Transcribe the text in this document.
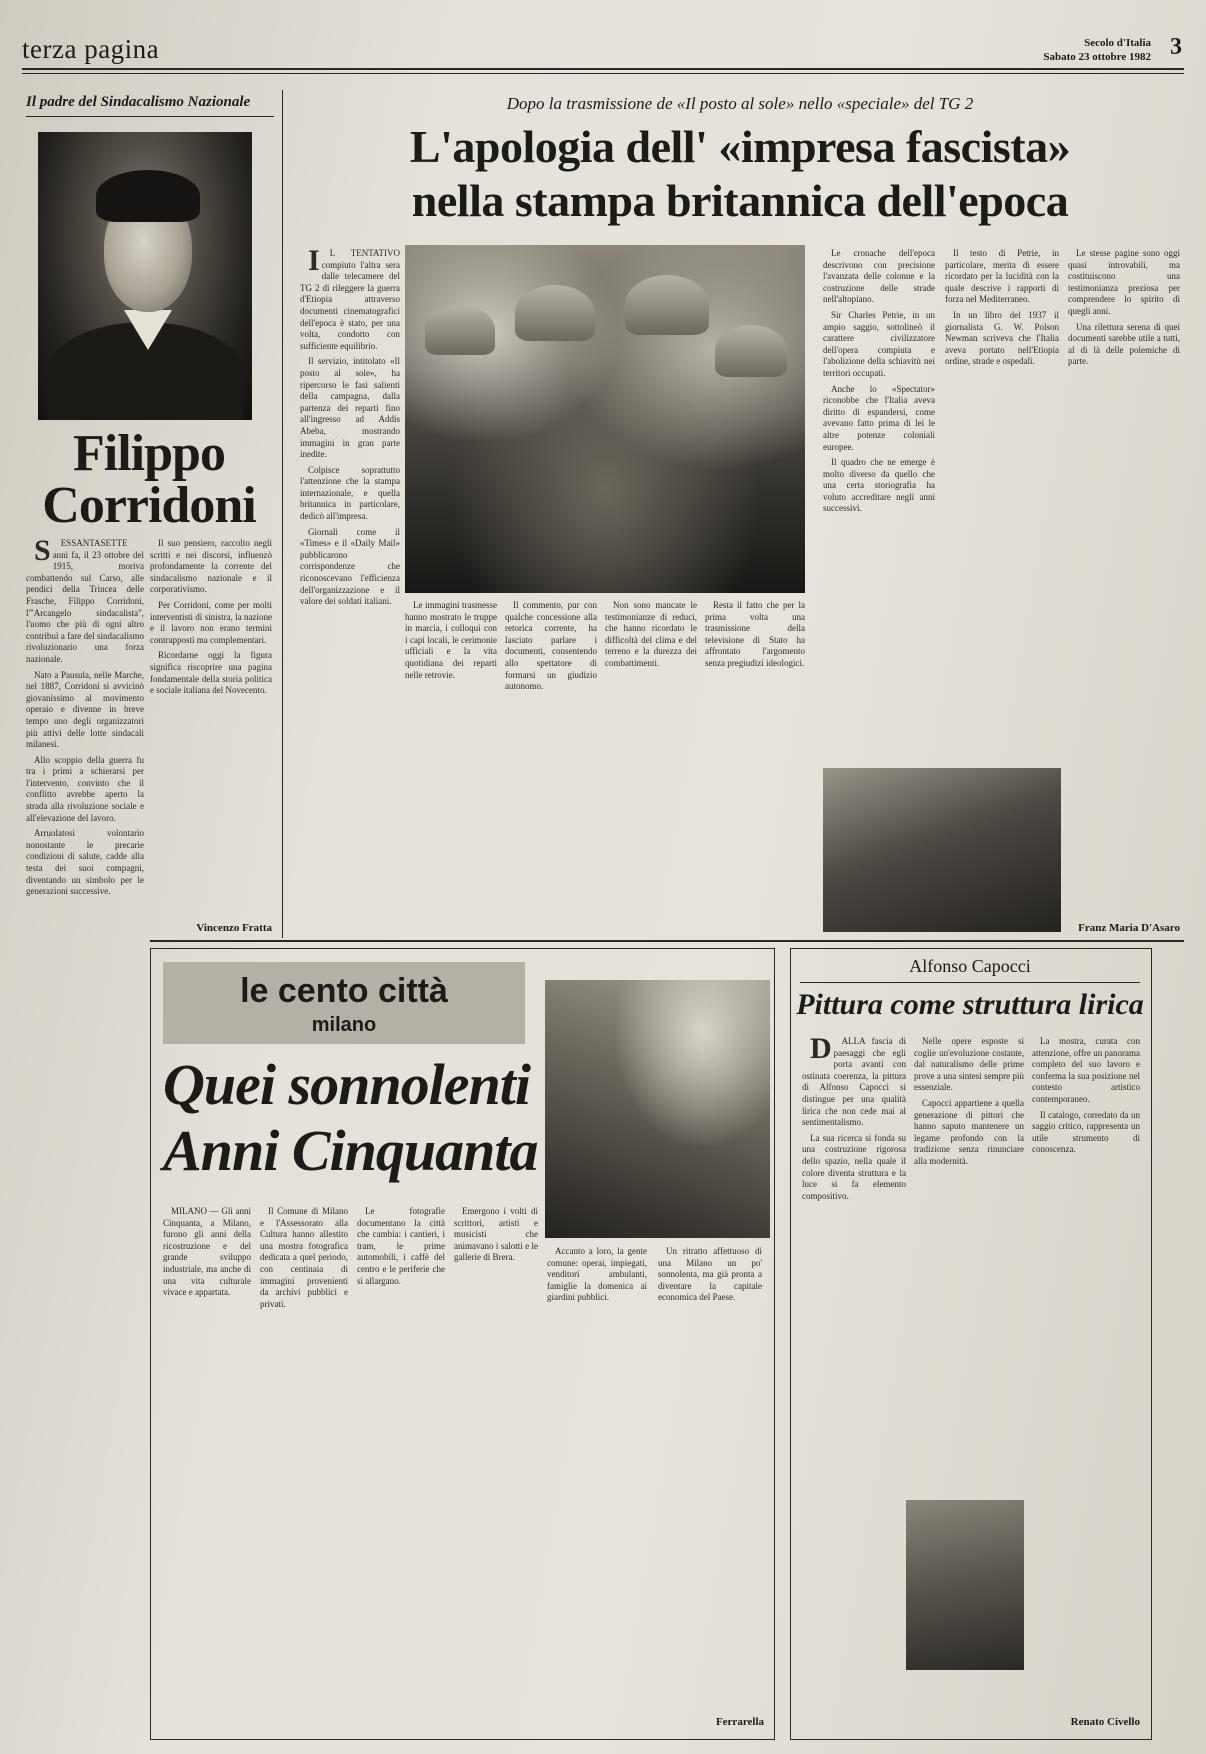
terza pagina	Secolo d'Italia
Sabato 23 ottobre 1982 3
Il padre del Sindacalismo Nazionale
Filippo
Corridoni

SESSANTASETTE anni fa, il 23 ottobre del 1915, moriva combattendo sul Carso, alle pendici della Trincea delle Frasche, Filippo Corridoni, l'"Arcangelo sindacalista", l'uomo che più di ogni altro contribuì a fare del sindacalismo rivoluzionario una forza nazionale.

Nato a Pausula, nelle Marche, nel 1887, Corridoni si avvicinò giovanissimo al movimento operaio e divenne in breve tempo uno degli organizzatori più attivi delle lotte sindacali milanesi.

Allo scoppio della guerra fu tra i primi a schierarsi per l'intervento, convinto che il conflitto avrebbe aperto la strada alla rivoluzione sociale e all'elevazione del lavoro.

Arruolatosi volontario nonostante le precarie condizioni di salute, cadde alla testa dei suoi compagni, diventando un simbolo per le generazioni successive.

Il suo pensiero, raccolto negli scritti e nei discorsi, influenzò profondamente la corrente del sindacalismo nazionale e il corporativismo.

Per Corridoni, come per molti interventisti di sinistra, la nazione e il lavoro non erano termini contrapposti ma complementari.

Ricordarne oggi la figura significa riscoprire una pagina fondamentale della storia politica e sociale italiana del Novecento.

Vincenzo Fratta
Dopo la trasmissione de «Il posto al sole» nello «speciale» del TG 2
L'apologia dell' «impresa fascista»
nella stampa britannica dell'epoca

IL TENTATIVO compiuto l'altra sera dalle telecamere del TG 2 di rileggere la guerra d'Etiopia attraverso documenti cinematografici dell'epoca è stato, per una volta, condotto con sufficiente equilibrio.

Il servizio, intitolato «Il posto al sole», ha ripercorso le fasi salienti della campagna, dalla partenza dei reparti fino all'ingresso ad Addis Abeba, mostrando immagini in gran parte inedite.

Colpisce soprattutto l'attenzione che la stampa internazionale, e quella britannica in particolare, dedicò all'impresa.

Giornali come il «Times» e il «Daily Mail» pubblicarono corrispondenze che riconoscevano l'efficienza dell'organizzazione e il valore dei soldati italiani.

Le cronache dell'epoca descrivono con precisione l'avanzata delle colonne e la costruzione delle strade nell'altopiano.

Sir Charles Petrie, in un ampio saggio, sottolineò il carattere civilizzatore dell'opera compiuta e l'abolizione della schiavitù nei territori occupati.

Anche lo «Spectator» riconobbe che l'Italia aveva diritto di espandersi, come avevano fatto prima di lei le altre potenze coloniali europee.

Il quadro che ne emerge è molto diverso da quello che una certa storiografia ha voluto accreditare negli anni successivi.

Il testo di Petrie, in particolare, merita di essere ricordato per la lucidità con la quale descrive i rapporti di forza nel Mediterraneo.

In un libro del 1937 il giornalista G. W. Polson Newman scriveva che l'Italia aveva portato nell'Etiopia ordine, strade e ospedali.

Le stesse pagine sono oggi quasi introvabili, ma costituiscono una testimonianza preziosa per comprendere lo spirito di quegli anni.

Una rilettura serena di quei documenti sarebbe utile a tutti, al di là delle polemiche di parte.

Le immagini trasmesse hanno mostrato le truppe in marcia, i colloqui con i capi locali, le cerimonie ufficiali e la vita quotidiana dei reparti nelle retrovie.

Il commento, pur con qualche concessione alla retorica corrente, ha lasciato parlare i documenti, consentendo allo spettatore di formarsi un giudizio autonomo.

Non sono mancate le testimonianze di reduci, che hanno ricordato le difficoltà del clima e del terreno e la durezza dei combattimenti.

Resta il fatto che per la prima volta una trasmissione della televisione di Stato ha affrontato l'argomento senza pregiudizi ideologici.

Franz Maria D'Asaro
le cento città
milano
Quei sonnolenti
Anni Cinquanta

MILANO — Gli anni Cinquanta, a Milano, furono gli anni della ricostruzione e del grande sviluppo industriale, ma anche di una vita culturale vivace e appartata.

Il Comune di Milano e l'Assessorato alla Cultura hanno allestito una mostra fotografica dedicata a quel periodo, con centinaia di immagini provenienti da archivi pubblici e privati.

Le fotografie documentano la città che cambia: i cantieri, i tram, le prime automobili, i caffè del centro e le periferie che si allargano.

Emergono i volti di scrittori, artisti e musicisti che animavano i salotti e le gallerie di Brera.

Accanto a loro, la gente comune: operai, impiegati, venditori ambulanti, famiglie la domenica ai giardini pubblici.

Un ritratto affettuoso di una Milano un po' sonnolenta, ma già pronta a diventare la capitale economica del Paese.

Ferrarella
Alfonso Capocci
Pittura come struttura lirica

DALLA fascia di paesaggi che egli porta avanti con ostinata coerenza, la pittura di Alfonso Capocci si distingue per una qualità lirica che non cede mai al sentimentalismo.

La sua ricerca si fonda su una costruzione rigorosa dello spazio, nella quale il colore diventa struttura e la luce si fa elemento compositivo.

Nelle opere esposte si coglie un'evoluzione costante, dal naturalismo delle prime prove a una sintesi sempre più essenziale.

Capocci appartiene a quella generazione di pittori che hanno saputo mantenere un legame profondo con la tradizione senza rinunciare alla modernità.

La mostra, curata con attenzione, offre un panorama completo del suo lavoro e conferma la sua posizione nel contesto artistico contemporaneo.

Il catalogo, corredato da un saggio critico, rappresenta un utile strumento di conoscenza.

Renato Civello
